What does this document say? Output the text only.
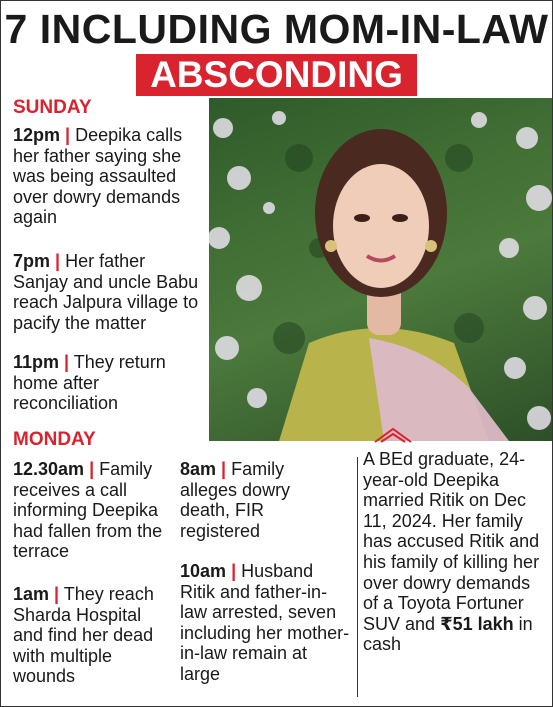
7 INCLUDING MOM-IN-LAW
ABSCONDING
SUNDAY
12pm | Deepika calls her father saying she was being assaulted over dowry demands again
7pm | Her father Sanjay and uncle Babu reach Jalpura village to pacify the matter
11pm | They return home after reconciliation
MONDAY
12.30am | Family receives a call informing Deepika had fallen from the terrace
1am | They reach Sharda Hospital and find her dead with multiple wounds
8am | Family alleges dowry death, FIR registered
10am | Husband Ritik and father-in-law arrested, seven including her mother-in-law remain at large
A BEd graduate, 24-year-old Deepika married Ritik on Dec 11, 2024. Her family has accused Ritik and his family of killing her over dowry demands of a Toyota Fortuner SUV and ₹51 lakh in cash
